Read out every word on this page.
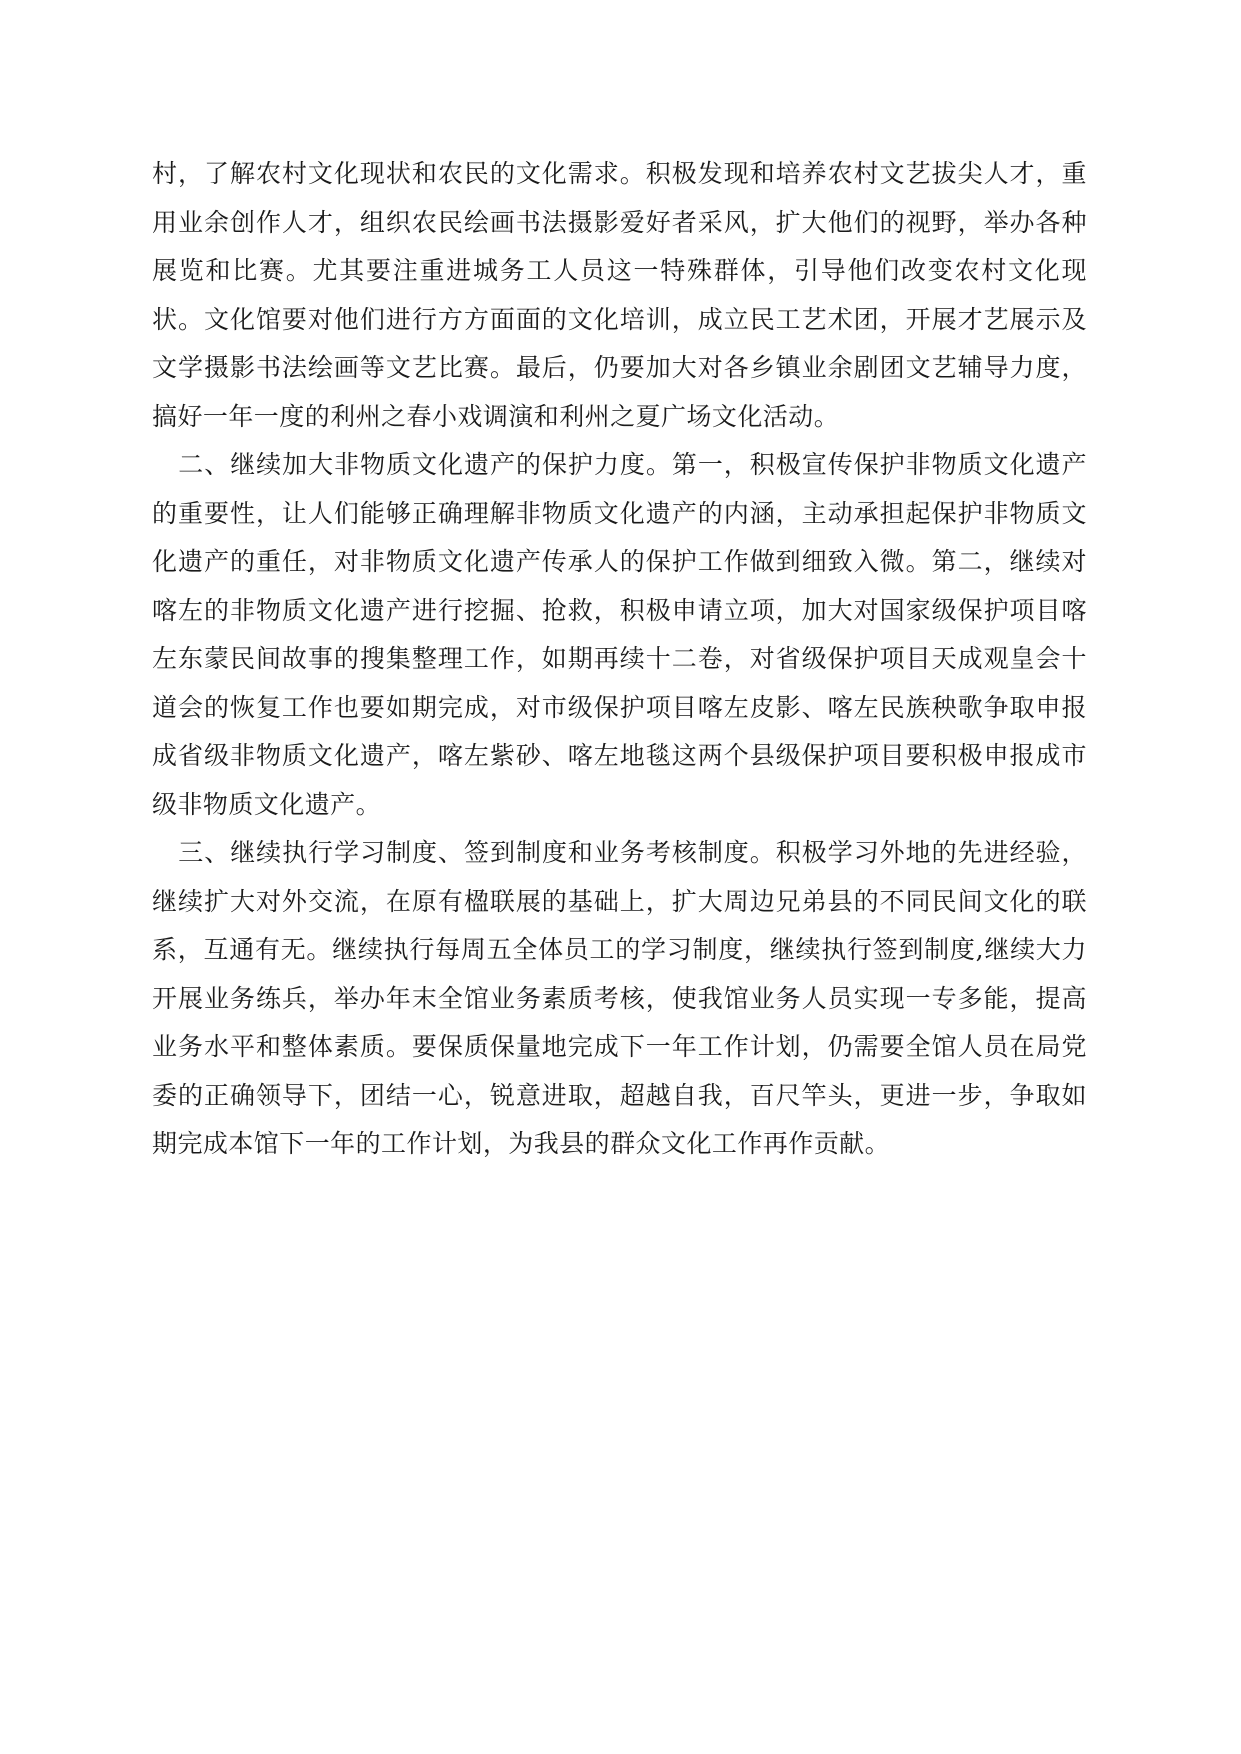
村，了解农村文化现状和农民的文化需求。积极发现和培养农村文艺拔尖人才，重用业余创作人才，组织农民绘画书法摄影爱好者采风，扩大他们的视野，举办各种展览和比赛。尤其要注重进城务工人员这一特殊群体，引导他们改变农村文化现状。文化馆要对他们进行方方面面的文化培训，成立民工艺术团，开展才艺展示及文学摄影书法绘画等文艺比赛。最后，仍要加大对各乡镇业余剧团文艺辅导力度，搞好一年一度的利州之春小戏调演和利州之夏广场文化活动。

二、继续加大非物质文化遗产的保护力度。第一，积极宣传保护非物质文化遗产的重要性，让人们能够正确理解非物质文化遗产的内涵，主动承担起保护非物质文化遗产的重任，对非物质文化遗产传承人的保护工作做到细致入微。第二，继续对喀左的非物质文化遗产进行挖掘、抢救，积极申请立项，加大对国家级保护项目喀左东蒙民间故事的搜集整理工作，如期再续十二卷，对省级保护项目天成观皇会十道会的恢复工作也要如期完成，对市级保护项目喀左皮影、喀左民族秧歌争取申报成省级非物质文化遗产，喀左紫砂、喀左地毯这两个县级保护项目要积极申报成市级非物质文化遗产。

三、继续执行学习制度、签到制度和业务考核制度。积极学习外地的先进经验，继续扩大对外交流，在原有楹联展的基础上，扩大周边兄弟县的不同民间文化的联系，互通有无。继续执行每周五全体员工的学习制度，继续执行签到制度,继续大力开展业务练兵，举办年末全馆业务素质考核，使我馆业务人员实现一专多能，提高业务水平和整体素质。要保质保量地完成下一年工作计划，仍需要全馆人员在局党委的正确领导下，团结一心，锐意进取，超越自我，百尺竿头，更进一步，争取如期完成本馆下一年的工作计划，为我县的群众文化工作再作贡献。
